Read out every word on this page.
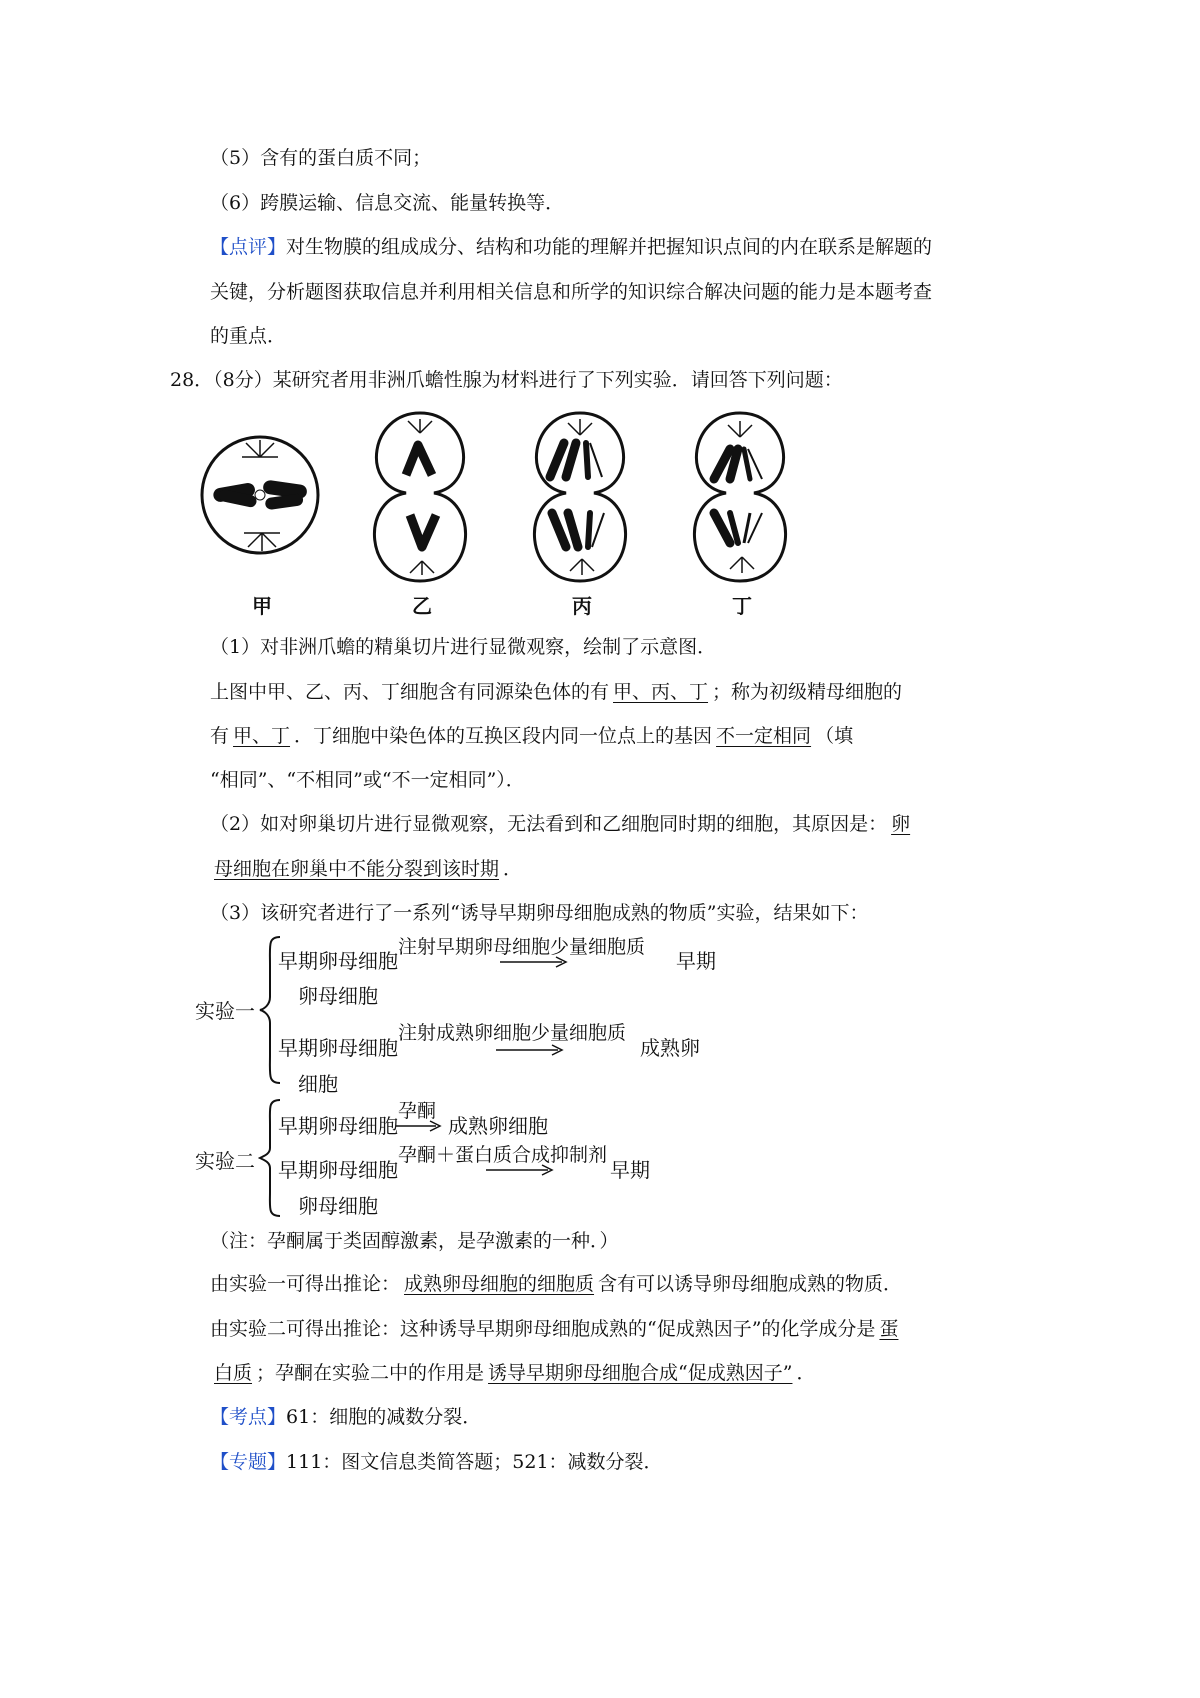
（5）含有的蛋白质不同；
（6）跨膜运输、信息交流、能量转换等．
【点评】对生物膜的组成成分、结构和功能的理解并把握知识点间的内在联系是解题的
关键，分析题图获取信息并利用相关信息和所学的知识综合解决问题的能力是本题考查
的重点．
28．（8分）某研究者用非洲爪蟾性腺为材料进行了下列实验．请回答下列问题：
甲	乙	丙	丁
（1）对非洲爪蟾的精巢切片进行显微观察，绘制了示意图．
上图中甲、乙、丙、丁细胞含有同源染色体的有 甲、丙、丁 ；称为初级精母细胞的
有 甲、丁 ．丁细胞中染色体的互换区段内同一位点上的基因 不一定相同 （填
“相同”、“不相同”或“不一定相同”）．
（2）如对卵巢切片进行显微观察，无法看到和乙细胞同时期的细胞，其原因是： 卵
母细胞在卵巢中不能分裂到该时期 ．
（3）该研究者进行了一系列“诱导早期卵母细胞成熟的物质”实验，结果如下：
实验一
早期卵母细胞
注射早期卵母细胞少量细胞质
早期
卵母细胞
早期卵母细胞
注射成熟卵细胞少量细胞质
成熟卵
细胞
实验二
早期卵母细胞
孕酮
成熟卵细胞
早期卵母细胞
孕酮＋蛋白质合成抑制剂
早期
卵母细胞
（注：孕酮属于类固醇激素，是孕激素的一种．）
由实验一可得出推论： 成熟卵母细胞的细胞质 含有可以诱导卵母细胞成熟的物质．
由实验二可得出推论：这种诱导早期卵母细胞成熟的“促成熟因子”的化学成分是 蛋
白质 ；孕酮在实验二中的作用是 诱导早期卵母细胞合成“促成熟因子” ．
【考点】61：细胞的减数分裂．
【专题】111：图文信息类简答题；521：减数分裂．
